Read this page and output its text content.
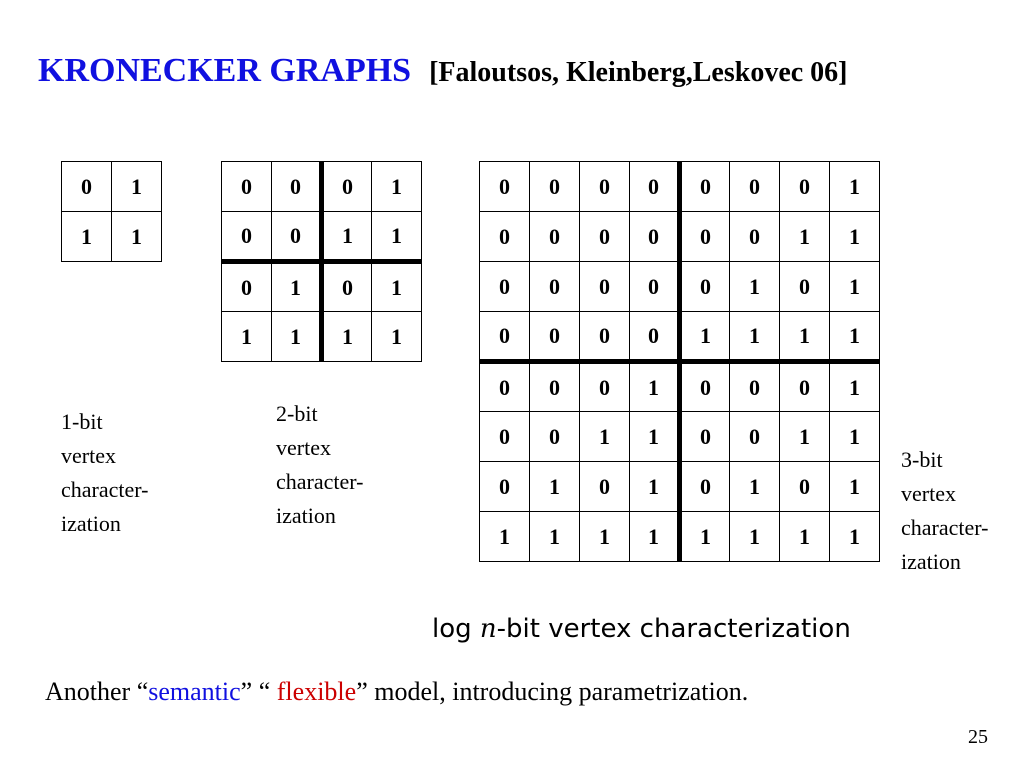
KRONECKER GRAPHS [Faloutsos, Kleinberg,Leskovec 06]
0	1
1	1
0	0	0	1
0	0	1	1
0	1	0	1
1	1	1	1
0	0	0	0	0	0	0	1
0	0	0	0	0	0	1	1
0	0	0	0	0	1	0	1
0	0	0	0	1	1	1	1
0	0	0	1	0	0	0	1
0	0	1	1	0	0	1	1
0	1	0	1	0	1	0	1
1	1	1	1	1	1	1	1
1-bit
vertex
character-
ization
2-bit
vertex
character-
ization
3-bit
vertex
character-
ization
log n-bit vertex characterization
Another “semantic” “ flexible” model, introducing parametrization.
25
